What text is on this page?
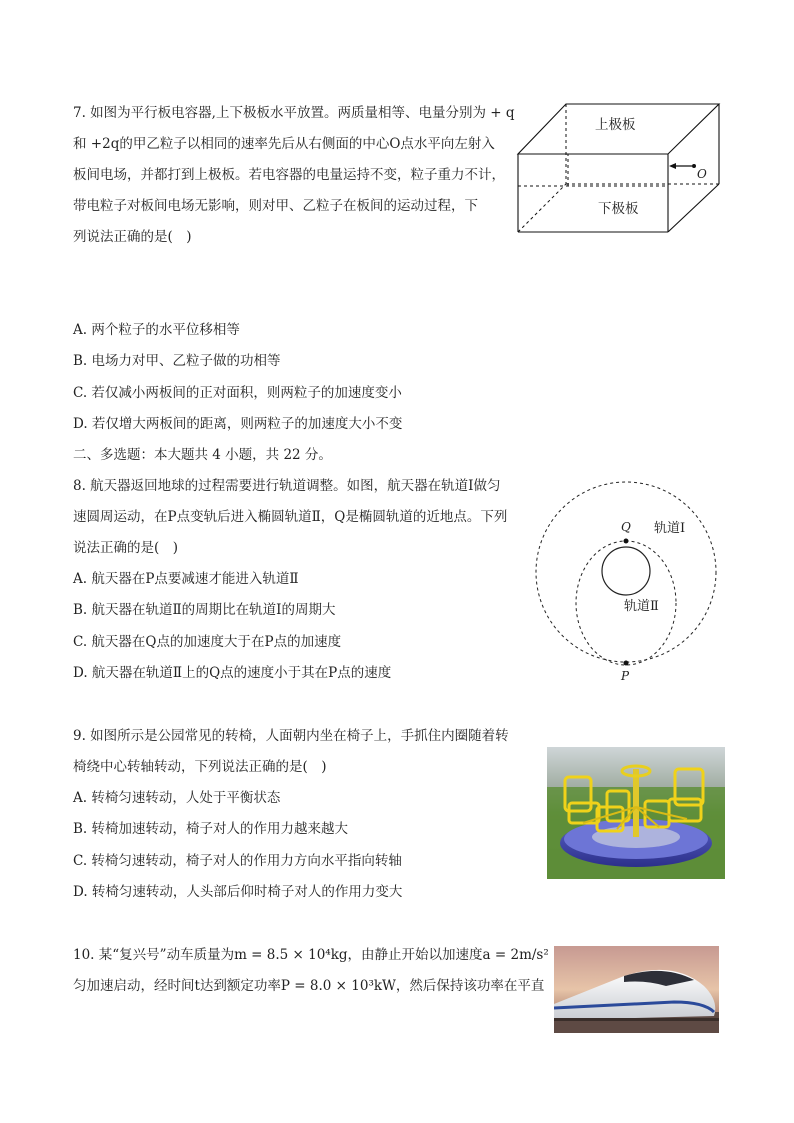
7. 如图为平行板电容器,上下极板水平放置。两质量相等、电量分别为 + q
和 +2q的甲乙粒子以相同的速率先后从右侧面的中心O点水平向左射入
板间电场，并都打到上极板。若电容器的电量运持不变，粒子重力不计，
带电粒子对板间电场无影响，则对甲、乙粒子在板间的运动过程，下
列说法正确的是(　)
上极板
下极板
O
A. 两个粒子的水平位移相等
B. 电场力对甲、乙粒子做的功相等
C. 若仅减小两板间的正对面积，则两粒子的加速度变小
D. 若仅增大两板间的距离，则两粒子的加速度大小不变
二、多选题：本大题共 4 小题，共 22 分。
8. 航天器返回地球的过程需要进行轨道调整。如图，航天器在轨道Ⅰ做匀
速圆周运动，在P点变轨后进入椭圆轨道Ⅱ，Q是椭圆轨道的近地点。下列
说法正确的是(　)
A. 航天器在P点要减速才能进入轨道Ⅱ
B. 航天器在轨道Ⅱ的周期比在轨道Ⅰ的周期大
C. 航天器在Q点的加速度大于在P点的加速度
D. 航天器在轨道Ⅱ上的Q点的速度小于其在P点的速度
Q
P
轨道Ⅰ
轨道Ⅱ
9. 如图所示是公园常见的转椅，人面朝内坐在椅子上，手抓住内圈随着转
椅绕中心转轴转动，下列说法正确的是(　)
A. 转椅匀速转动，人处于平衡状态
B. 转椅加速转动，椅子对人的作用力越来越大
C. 转椅匀速转动，椅子对人的作用力方向水平指向转轴
D. 转椅匀速转动，人头部后仰时椅子对人的作用力变大
10. 某“复兴号”动车质量为m = 8.5 × 10⁴kg，由静止开始以加速度a = 2m/s²
匀加速启动，经时间t达到额定功率P = 8.0 × 10³kW，然后保持该功率在平直
